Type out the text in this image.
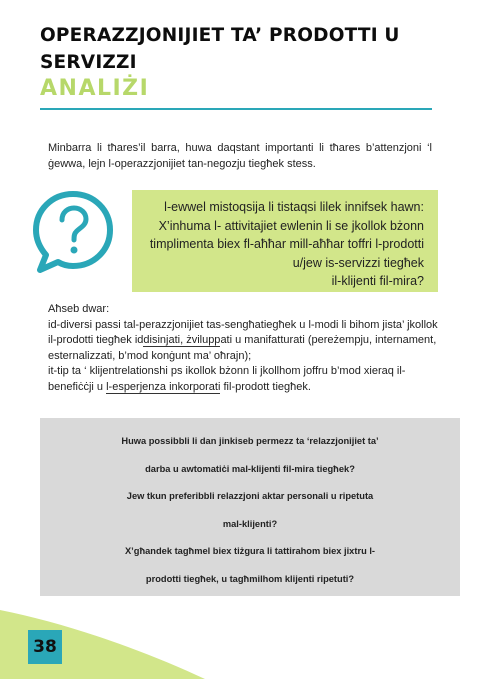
OPERAZZJONIJIET TA’ PRODOTTI U SERVIZZI
ANALIŻI
Minbarra li tħares’il barra, huwa daqstant importanti li tħares b’attenzjoni ‘l ġewwa, lejn l-operazzjonijiet tan-negozju tiegħek stess.
l-ewwel mistoqsija li tistaqsi lilek innifsek hawn:
X’inhuma l- attivitajiet ewlenin li se jkollok bżonn
timplimenta biex fl-aħħar mill-aħħar toffri l-prodotti
u/jew is-servizzi tiegħek
il-klijenti fil-mira?

Aħseb dwar:

id-diversi passi tal-perazzjonijiet tas-sengħatiegħek u l-modi li bihom jista’ jkollok il-prodotti tiegħek iddisinjati, żviluppati u manifatturati (pereżempju, internament, esternalizzati, b’mod konġunt ma’ oħrajn);

it-tip ta ‘ klijentrelationshi ps ikollok bżonn li jkollhom joffru b’mod xieraq il-benefiċċji u l-esperjenza inkorporati fil-prodott tiegħek.

Huwa possibbli li dan jinkiseb permezz ta ‘relazzjonijiet ta’
darba u awtomatiċi mal-klijenti fil-mira tiegħek?
Jew tkun preferibbli relazzjoni aktar personali u ripetuta
mal-klijenti?
X’għandek tagħmel biex tiżgura li tattirahom biex jixtru l-
prodotti tiegħek, u tagħmilhom klijenti ripetuti?
38
